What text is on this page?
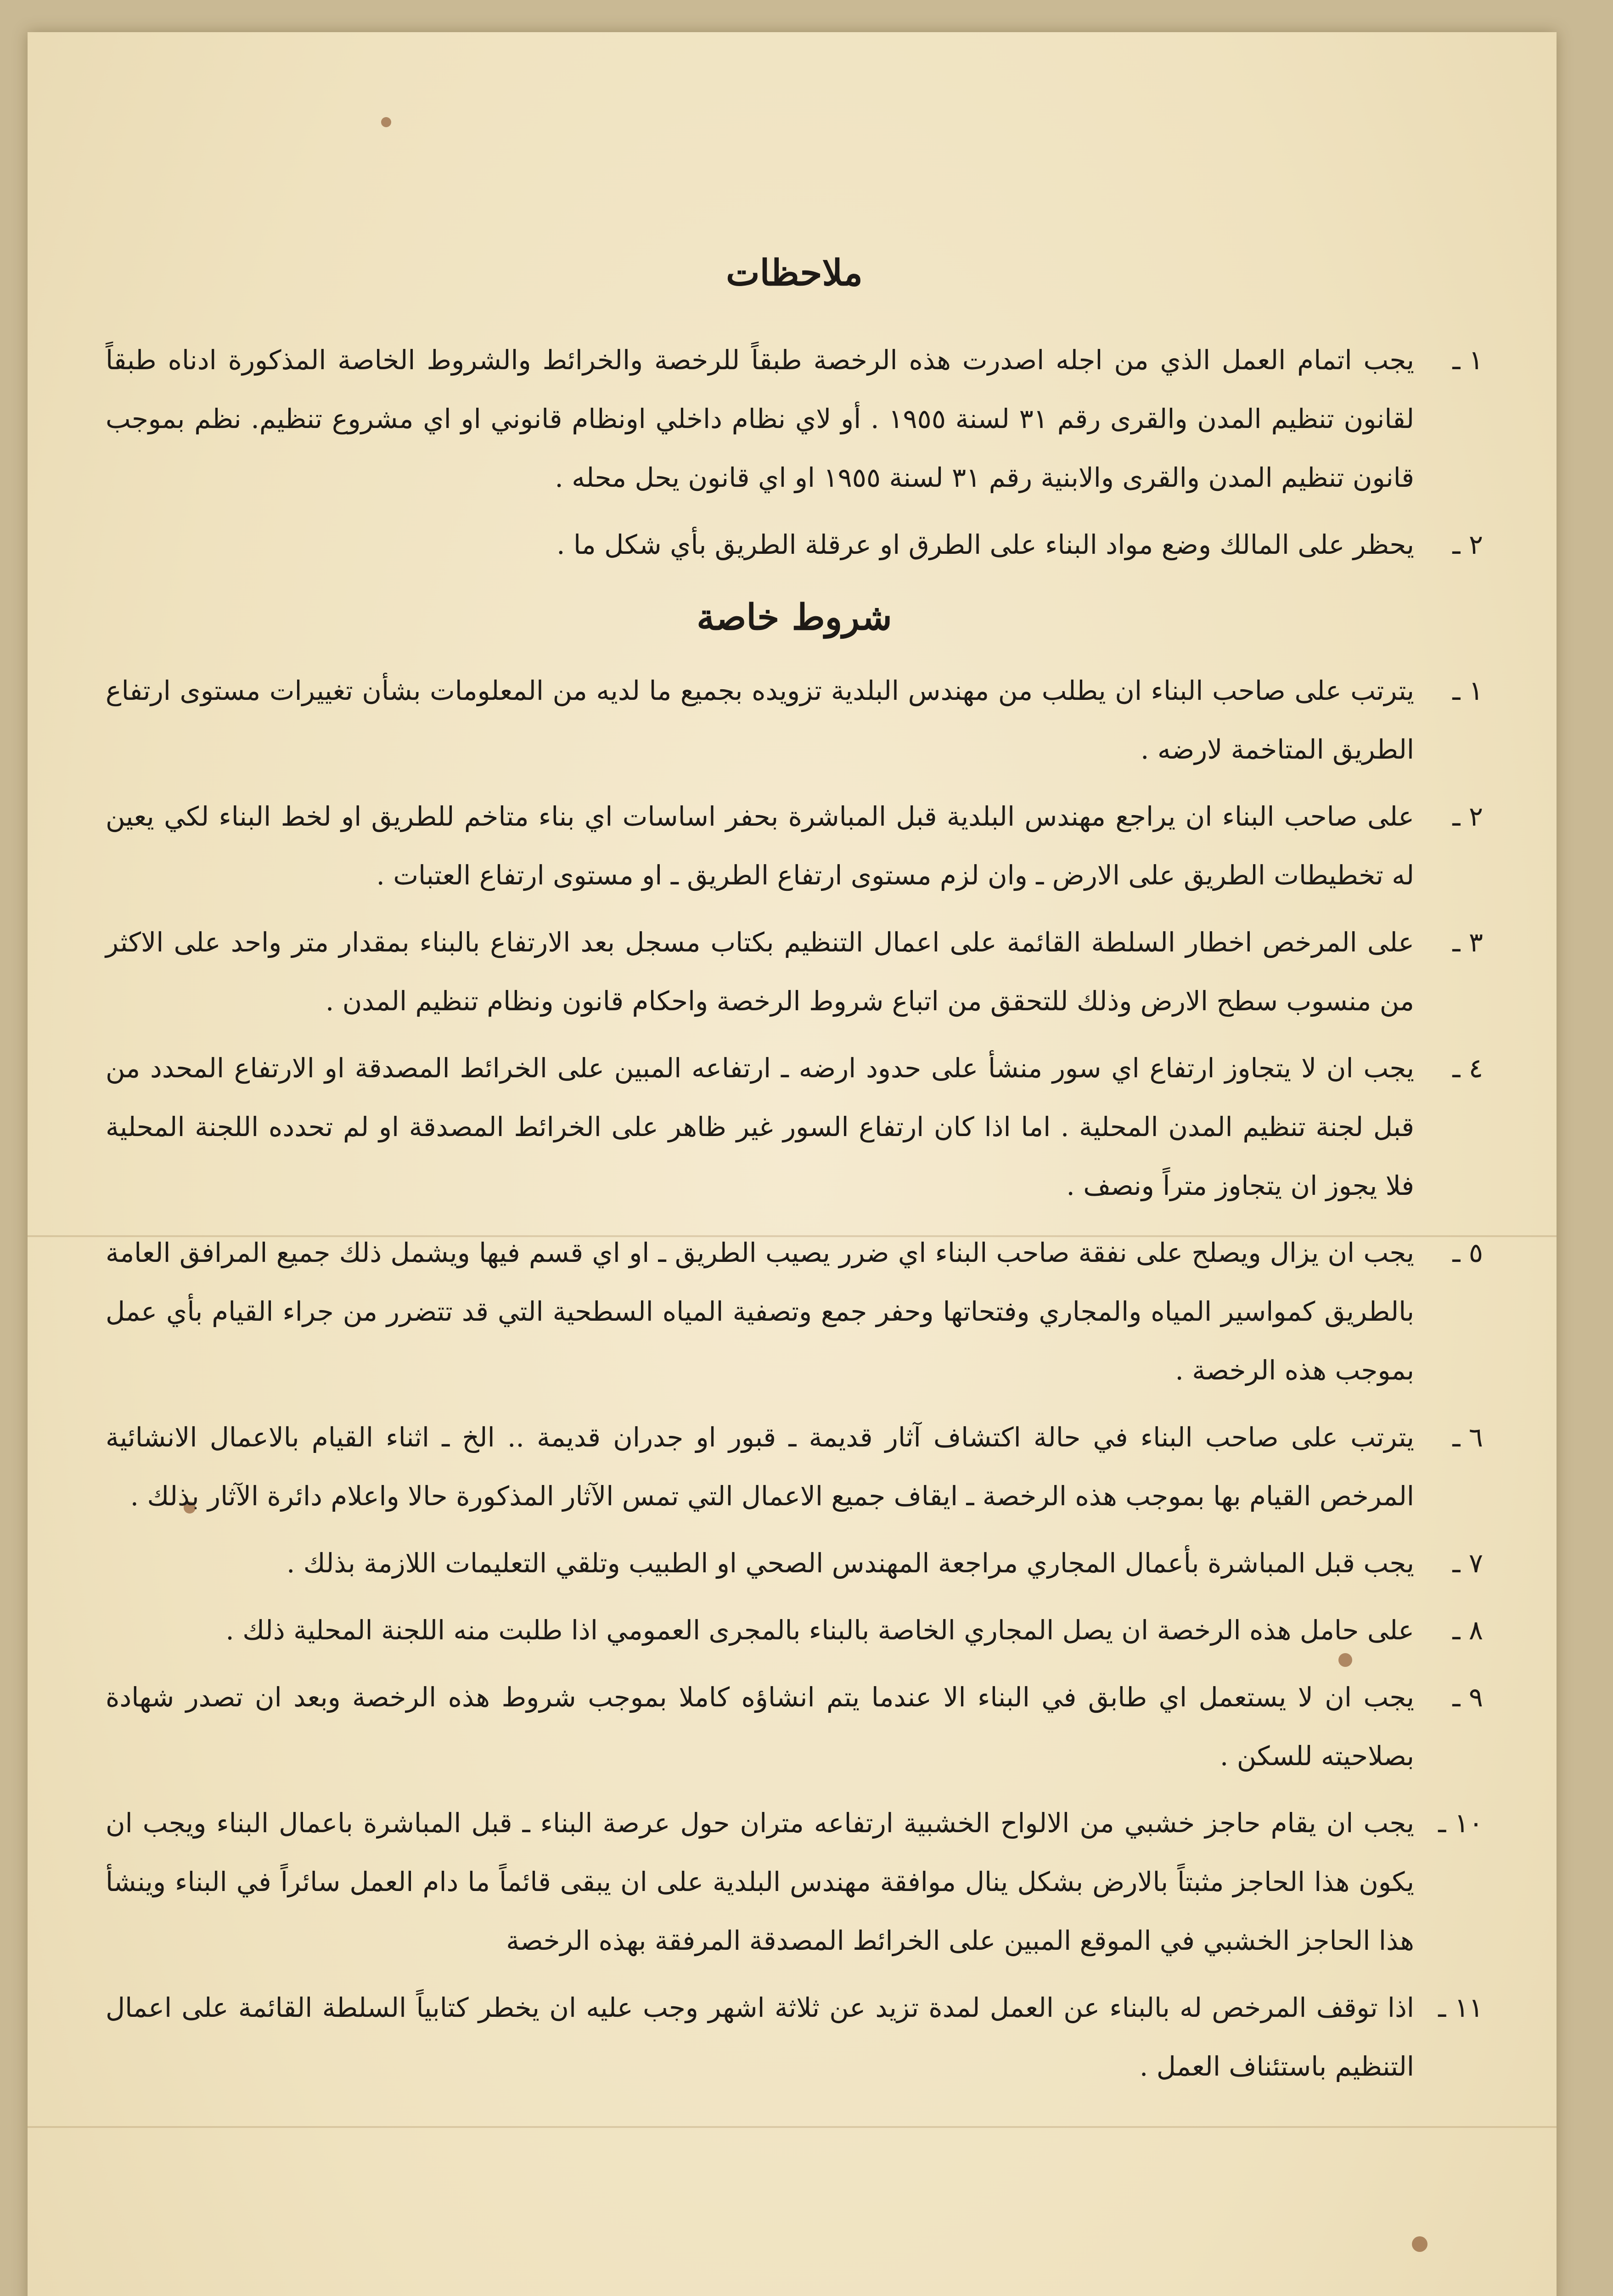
ملاحظات
١ ـ
يجب اتمام العمل الذي من اجله اصدرت هذه الرخصة طبقاً للرخصة والخرائط والشروط الخاصة المذكورة ادناه طبقاً لقانون تنظيم المدن والقرى رقم ٣١ لسنة ١٩٥٥ . أو لاي نظام داخلي اونظام قانوني او اي مشروع تنظيم. نظم بموجب قانون تنظيم المدن والقرى والابنية رقم ٣١ لسنة ١٩٥٥ او اي قانون يحل محله .
٢ ـ
يحظر على المالك وضع مواد البناء على الطرق او عرقلة الطريق بأي شكل ما .
شروط خاصة
١ ـ
يترتب على صاحب البناء ان يطلب من مهندس البلدية تزويده بجميع ما لديه من المعلومات بشأن تغييرات مستوى ارتفاع الطريق المتاخمة لارضه .
٢ ـ
على صاحب البناء ان يراجع مهندس البلدية قبل المباشرة بحفر اساسات اي بناء متاخم للطريق او لخط البناء لكي يعين له تخطيطات الطريق على الارض ـ وان لزم مستوى ارتفاع الطريق ـ او مستوى ارتفاع العتبات .
٣ ـ
على المرخص اخطار السلطة القائمة على اعمال التنظيم بكتاب مسجل بعد الارتفاع بالبناء بمقدار متر واحد على الاكثر من منسوب سطح الارض وذلك للتحقق من اتباع شروط الرخصة واحكام قانون ونظام تنظيم المدن .
٤ ـ
يجب ان لا يتجاوز ارتفاع اي سور منشأ على حدود ارضه ـ ارتفاعه المبين على الخرائط المصدقة او الارتفاع المحدد من قبل لجنة تنظيم المدن المحلية . اما اذا كان ارتفاع السور غير ظاهر على الخرائط المصدقة او لم تحدده اللجنة المحلية فلا يجوز ان يتجاوز متراً ونصف .
٥ ـ
يجب ان يزال ويصلح على نفقة صاحب البناء اي ضرر يصيب الطريق ـ او اي قسم فيها ويشمل ذلك جميع المرافق العامة بالطريق كمواسير المياه والمجاري وفتحاتها وحفر جمع وتصفية المياه السطحية التي قد تتضرر من جراء القيام بأي عمل بموجب هذه الرخصة .
٦ ـ
يترتب على صاحب البناء في حالة اكتشاف آثار قديمة ـ قبور او جدران قديمة .. الخ ـ اثناء القيام بالاعمال الانشائية المرخص القيام بها بموجب هذه الرخصة ـ ايقاف جميع الاعمال التي تمس الآثار المذكورة حالا واعلام دائرة الآثار بذلك .
٧ ـ
يجب قبل المباشرة بأعمال المجاري مراجعة المهندس الصحي او الطبيب وتلقي التعليمات اللازمة بذلك .
٨ ـ
على حامل هذه الرخصة ان يصل المجاري الخاصة بالبناء بالمجرى العمومي اذا طلبت منه اللجنة المحلية ذلك .
٩ ـ
يجب ان لا يستعمل اي طابق في البناء الا عندما يتم انشاؤه كاملا بموجب شروط هذه الرخصة وبعد ان تصدر شهادة بصلاحيته للسكن .
١٠ ـ
يجب ان يقام حاجز خشبي من الالواح الخشبية ارتفاعه متران حول عرصة البناء ـ قبل المباشرة باعمال البناء ويجب ان يكون هذا الحاجز مثبتاً بالارض بشكل ينال موافقة مهندس البلدية على ان يبقى قائماً ما دام العمل سائراً في البناء وينشأ هذا الحاجز الخشبي في الموقع المبين على الخرائط المصدقة المرفقة بهذه الرخصة
١١ ـ
اذا توقف المرخص له بالبناء عن العمل لمدة تزيد عن ثلاثة اشهر وجب عليه ان يخطر كتابياً السلطة القائمة على اعمال التنظيم باستئناف العمل .
